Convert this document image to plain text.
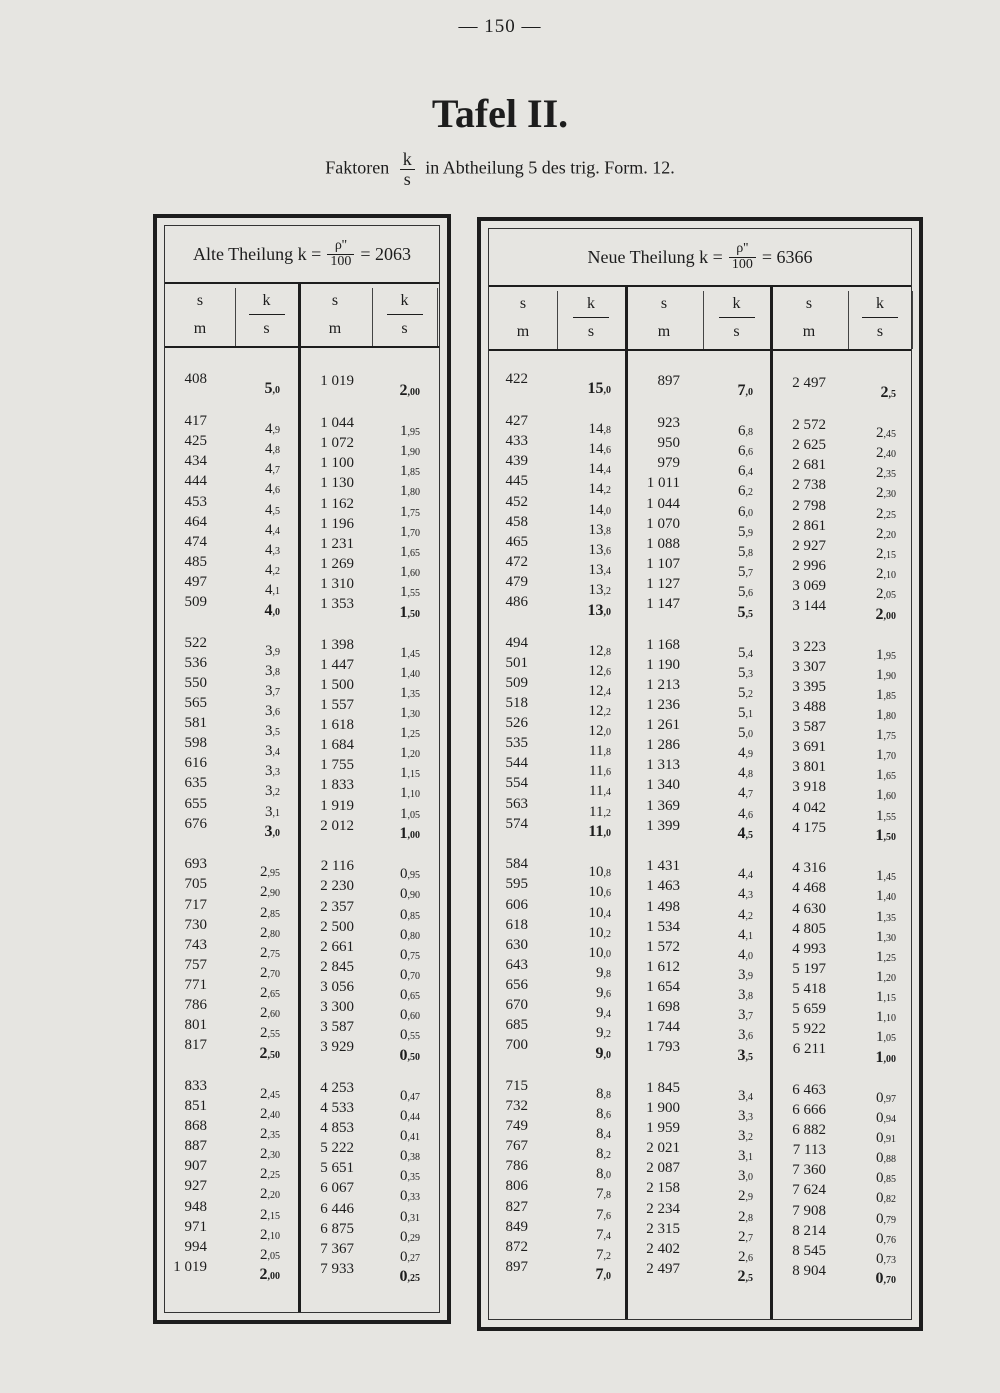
— 150 —
Tafel II.
Faktoren $\frac{k}{s}$ in Abtheilung 5 des trig. Form. 12.
Alte Theilung $k = \frac{\rho''}{100} = 2063$
s
m
k
s
s
m
k
s
408
417
425
434
444
453
464
474
485
497
509
522
536
550
565
581
598
616
635
655
676
693
705
717
730
743
757
771
786
801
817
833
851
868
887
907
927
948
971
994
1 019
5,0
4,9
4,8
4,7
4,6
4,5
4,4
4,3
4,2
4,1
4,0
3,9
3,8
3,7
3,6
3,5
3,4
3,3
3,2
3,1
3,0
2,95
2,90
2,85
2,80
2,75
2,70
2,65
2,60
2,55
2,50
2,45
2,40
2,35
2,30
2,25
2,20
2,15
2,10
2,05
2,00
1 019
1 044
1 072
1 100
1 130
1 162
1 196
1 231
1 269
1 310
1 353
1 398
1 447
1 500
1 557
1 618
1 684
1 755
1 833
1 919
2 012
2 116
2 230
2 357
2 500
2 661
2 845
3 056
3 300
3 587
3 929
4 253
4 533
4 853
5 222
5 651
6 067
6 446
6 875
7 367
7 933
2,00
1,95
1,90
1,85
1,80
1,75
1,70
1,65
1,60
1,55
1,50
1,45
1,40
1,35
1,30
1,25
1,20
1,15
1,10
1,05
1,00
0,95
0,90
0,85
0,80
0,75
0,70
0,65
0,60
0,55
0,50
0,47
0,44
0,41
0,38
0,35
0,33
0,31
0,29
0,27
0,25
Neue Theilung $k = \frac{\rho''}{100} = 6366$
s
m
k
s
s
m
k
s
s
m
k
s
422
427
433
439
445
452
458
465
472
479
486
494
501
509
518
526
535
544
554
563
574
584
595
606
618
630
643
656
670
685
700
715
732
749
767
786
806
827
849
872
897
15,0
14,8
14,6
14,4
14,2
14,0
13,8
13,6
13,4
13,2
13,0
12,8
12,6
12,4
12,2
12,0
11,8
11,6
11,4
11,2
11,0
10,8
10,6
10,4
10,2
10,0
9,8
9,6
9,4
9,2
9,0
8,8
8,6
8,4
8,2
8,0
7,8
7,6
7,4
7,2
7,0
897
923
950
979
1 011
1 044
1 070
1 088
1 107
1 127
1 147
1 168
1 190
1 213
1 236
1 261
1 286
1 313
1 340
1 369
1 399
1 431
1 463
1 498
1 534
1 572
1 612
1 654
1 698
1 744
1 793
1 845
1 900
1 959
2 021
2 087
2 158
2 234
2 315
2 402
2 497
7,0
6,8
6,6
6,4
6,2
6,0
5,9
5,8
5,7
5,6
5,5
5,4
5,3
5,2
5,1
5,0
4,9
4,8
4,7
4,6
4,5
4,4
4,3
4,2
4,1
4,0
3,9
3,8
3,7
3,6
3,5
3,4
3,3
3,2
3,1
3,0
2,9
2,8
2,7
2,6
2,5
2 497
2 572
2 625
2 681
2 738
2 798
2 861
2 927
2 996
3 069
3 144
3 223
3 307
3 395
3 488
3 587
3 691
3 801
3 918
4 042
4 175
4 316
4 468
4 630
4 805
4 993
5 197
5 418
5 659
5 922
6 211
6 463
6 666
6 882
7 113
7 360
7 624
7 908
8 214
8 545
8 904
2,5
2,45
2,40
2,35
2,30
2,25
2,20
2,15
2,10
2,05
2,00
1,95
1,90
1,85
1,80
1,75
1,70
1,65
1,60
1,55
1,50
1,45
1,40
1,35
1,30
1,25
1,20
1,15
1,10
1,05
1,00
0,97
0,94
0,91
0,88
0,85
0,82
0,79
0,76
0,73
0,70
